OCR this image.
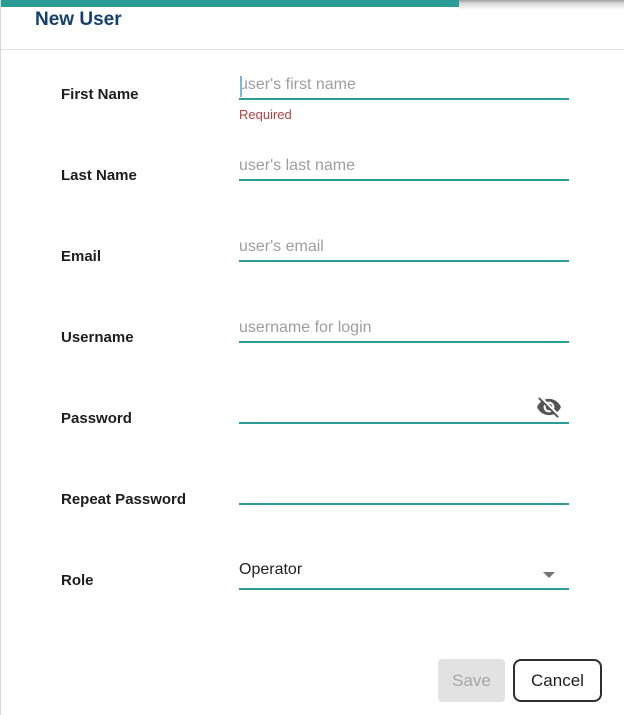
New User
First Name
user's first name
Required
Last Name
user's last name
Email
user's email
Username
username for login
Password
Repeat Password
Role
Operator
Save	Cancel
